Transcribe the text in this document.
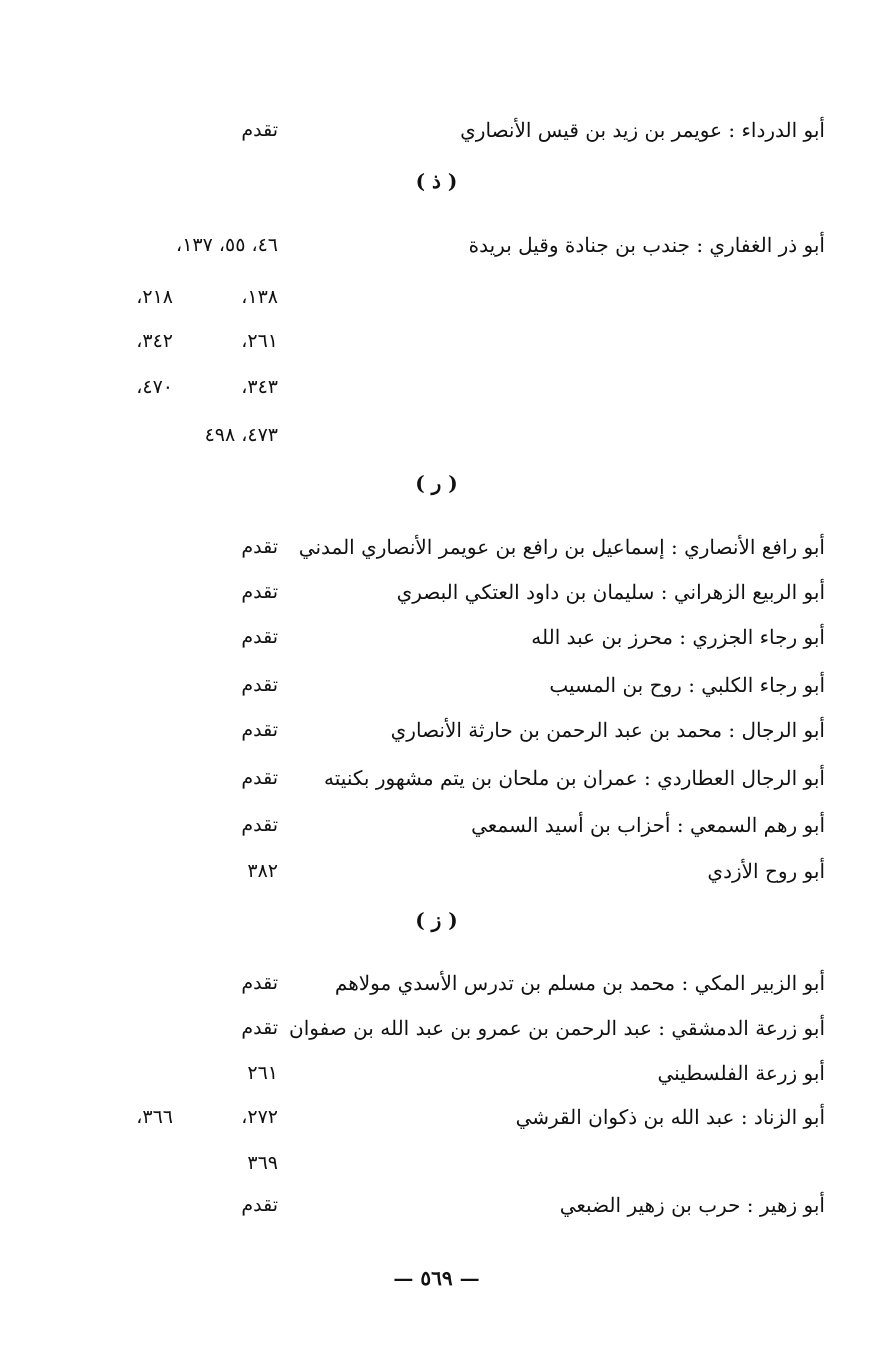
أبو الدرداء : عويمر بن زيد بن قيس الأنصاري
تقدم
( ذ )
أبو ذر الغفاري : جندب بن جنادة وقيل بريدة
٤٦، ٥٥، ١٣٧،
١٣٨،
٢١٨،
٢٦١،
٣٤٢،
٣٤٣،
٤٧٠،
٤٧٣، ٤٩٨
( ر )
أبو رافع الأنصاري : إسماعيل بن رافع بن عويمر الأنصاري المدني
تقدم
أبو الربيع الزهراني : سليمان بن داود العتكي البصري
تقدم
أبو رجاء الجزري : محرز بن عبد الله
تقدم
أبو رجاء الكلبي : روح بن المسيب
تقدم
أبو الرجال : محمد بن عبد الرحمن بن حارثة الأنصاري
تقدم
أبو الرجال العطاردي : عمران بن ملحان بن يتم مشهور بكنيته
تقدم
أبو رهم السمعي : أحزاب بن أسيد السمعي
تقدم
أبو روح الأزدي
٣٨٢
( ز )
أبو الزبير المكي : محمد بن مسلم بن تدرس الأسدي مولاهم
تقدم
أبو زرعة الدمشقي : عبد الرحمن بن عمرو بن عبد الله بن صفوان
تقدم
أبو زرعة الفلسطيني
٢٦١
أبو الزناد : عبد الله بن ذكوان القرشي
٢٧٢،
٣٦٦،
٣٦٩
أبو زهير : حرب بن زهير الضبعي
تقدم
— ٥٦٩ —
